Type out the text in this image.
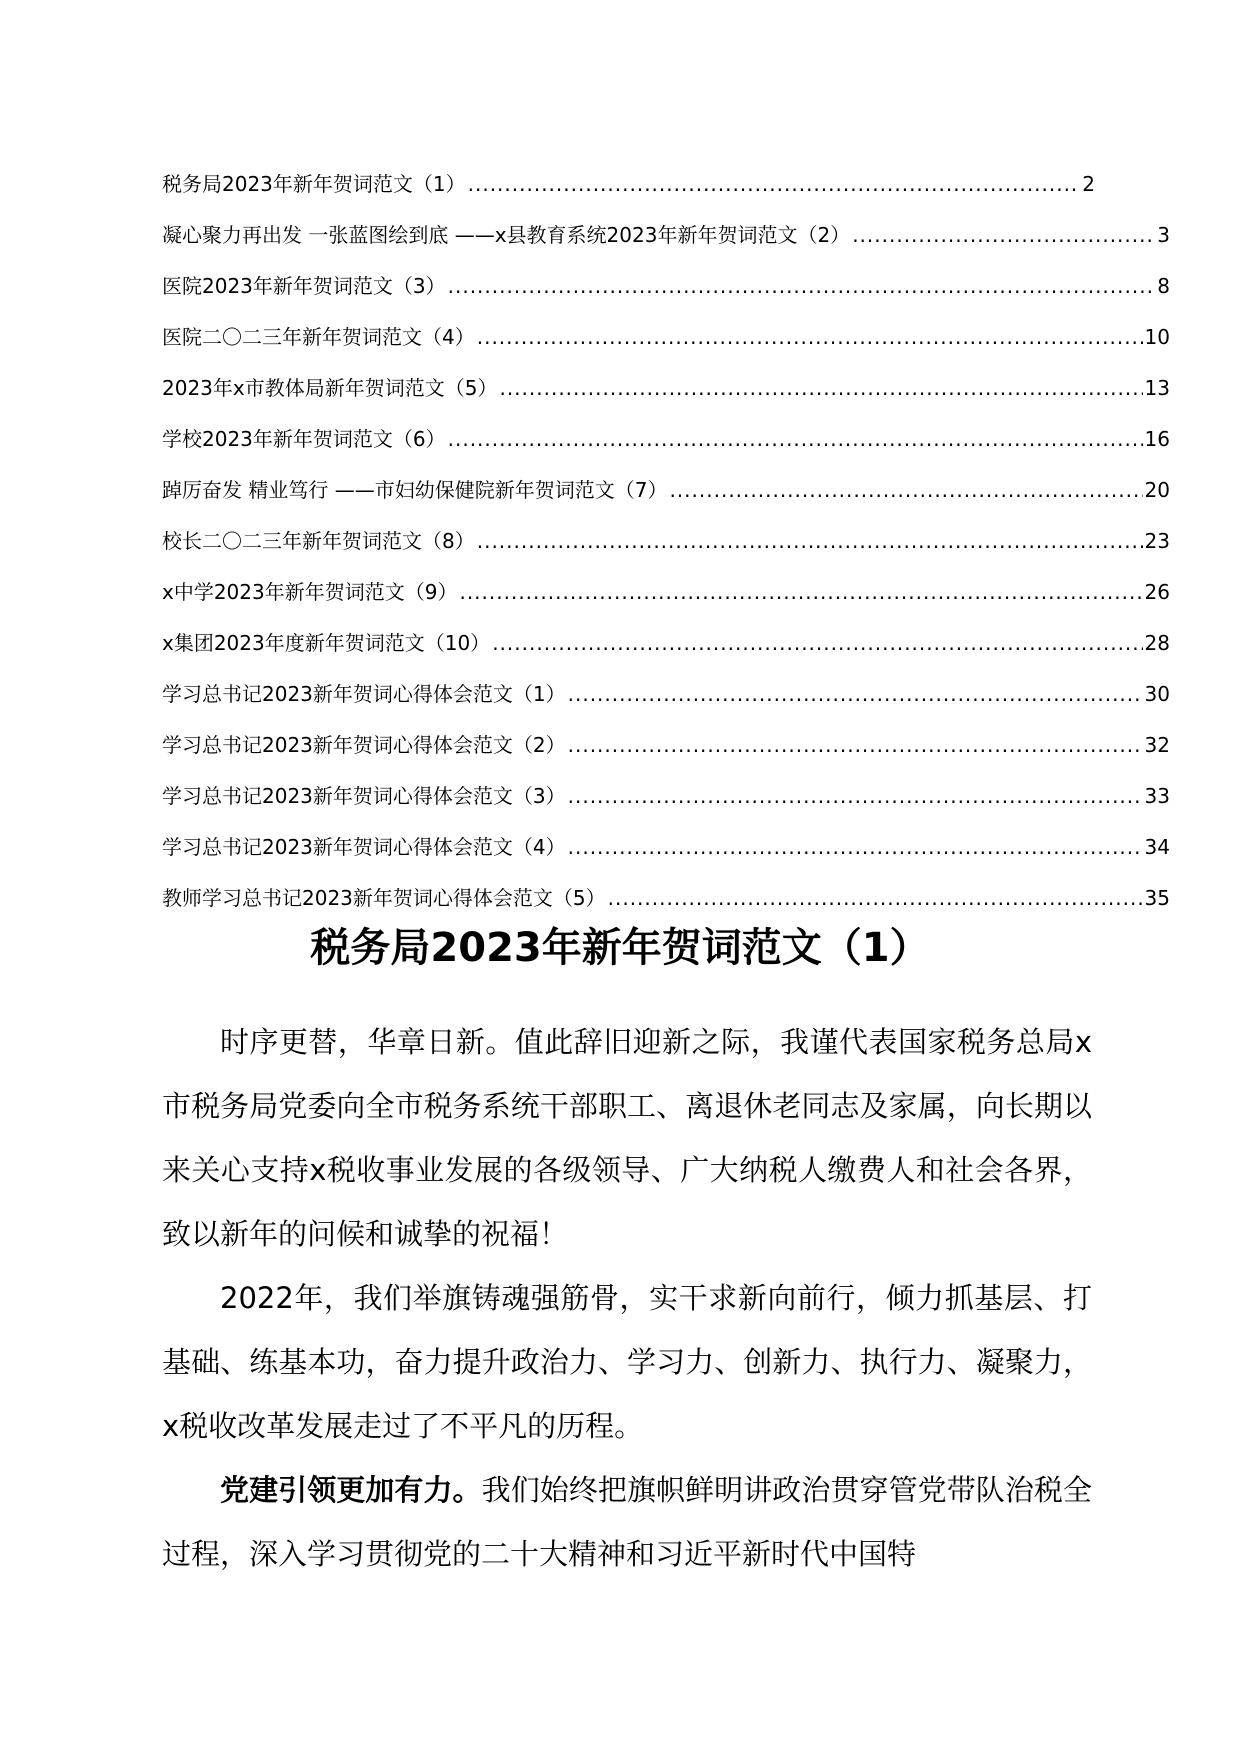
税务局2023年新年贺词范文（1） .....	2
凝心聚力再出发 一张蓝图绘到底 ——x县教育系统2023年新年贺词范文（2） .....	3
医院2023年新年贺词范文（3） .....	8
医院二〇二三年新年贺词范文（4） .....	10
2023年x市教体局新年贺词范文（5） .....	13
学校2023年新年贺词范文（6） .....	16
踔厉奋发 精业笃行 ——市妇幼保健院新年贺词范文（7） .....	20
校长二〇二三年新年贺词范文（8） .....	23
x中学2023年新年贺词范文（9） .....	26
x集团2023年度新年贺词范文（10） .....	28
学习总书记2023新年贺词心得体会范文（1） .....	30
学习总书记2023新年贺词心得体会范文（2） .....	32
学习总书记2023新年贺词心得体会范文（3） .....	33
学习总书记2023新年贺词心得体会范文（4） .....	34
教师学习总书记2023新年贺词心得体会范文（5） .....	35
税务局2023年新年贺词范文（1）

时序更替，华章日新。值此辞旧迎新之际，我谨代表国家税务总局x市税务局党委向全市税务系统干部职工、离退休老同志及家属，向长期以来关心支持x税收事业发展的各级领导、广大纳税人缴费人和社会各界，致以新年的问候和诚挚的祝福！

2022年，我们举旗铸魂强筋骨，实干求新向前行，倾力抓基层、打基础、练基本功，奋力提升政治力、学习力、创新力、执行力、凝聚力，x税收改革发展走过了不平凡的历程。

党建引领更加有力。我们始终把旗帜鲜明讲政治贯穿管党带队治税全过程，深入学习贯彻党的二十大精神和习近平新时代中国特
